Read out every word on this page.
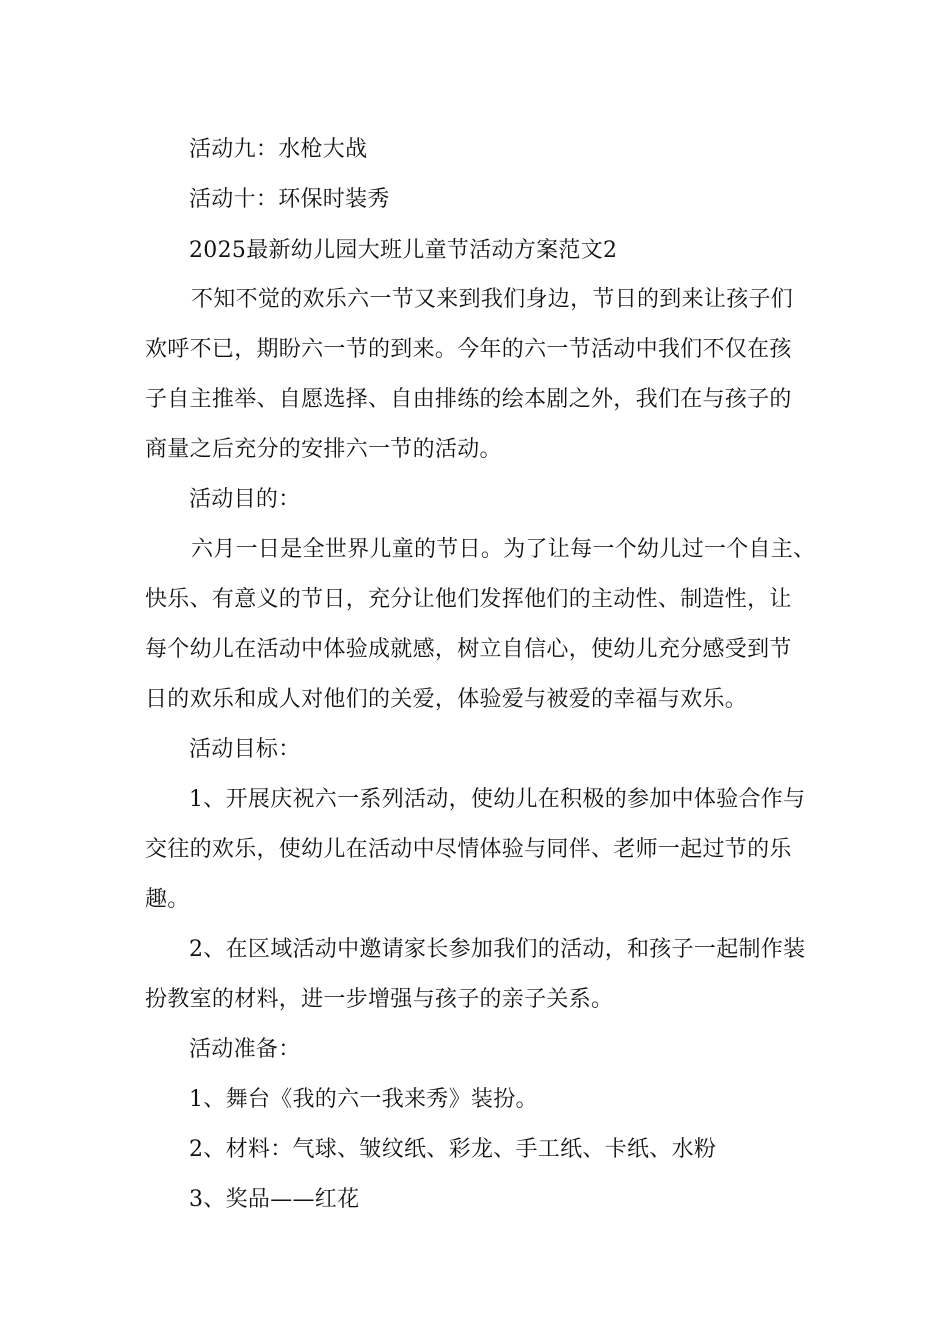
活动九：水枪大战
活动十：环保时装秀
2025最新幼儿园大班儿童节活动方案范文2
不知不觉的欢乐六一节又来到我们身边，节日的到来让孩子们
欢呼不已，期盼六一节的到来。今年的六一节活动中我们不仅在孩
子自主推举、自愿选择、自由排练的绘本剧之外，我们在与孩子的
商量之后充分的安排六一节的活动。
活动目的：
六月一日是全世界儿童的节日。为了让每一个幼儿过一个自主、
快乐、有意义的节日，充分让他们发挥他们的主动性、制造性，让
每个幼儿在活动中体验成就感，树立自信心，使幼儿充分感受到节
日的欢乐和成人对他们的关爱，体验爱与被爱的幸福与欢乐。
活动目标：
1、开展庆祝六一系列活动，使幼儿在积极的参加中体验合作与
交往的欢乐，使幼儿在活动中尽情体验与同伴、老师一起过节的乐
趣。
2、在区域活动中邀请家长参加我们的活动，和孩子一起制作装
扮教室的材料，进一步增强与孩子的亲子关系。
活动准备：
1、舞台《我的六一我来秀》装扮。
2、材料：气球、皱纹纸、彩龙、手工纸、卡纸、水粉
3、奖品——红花
